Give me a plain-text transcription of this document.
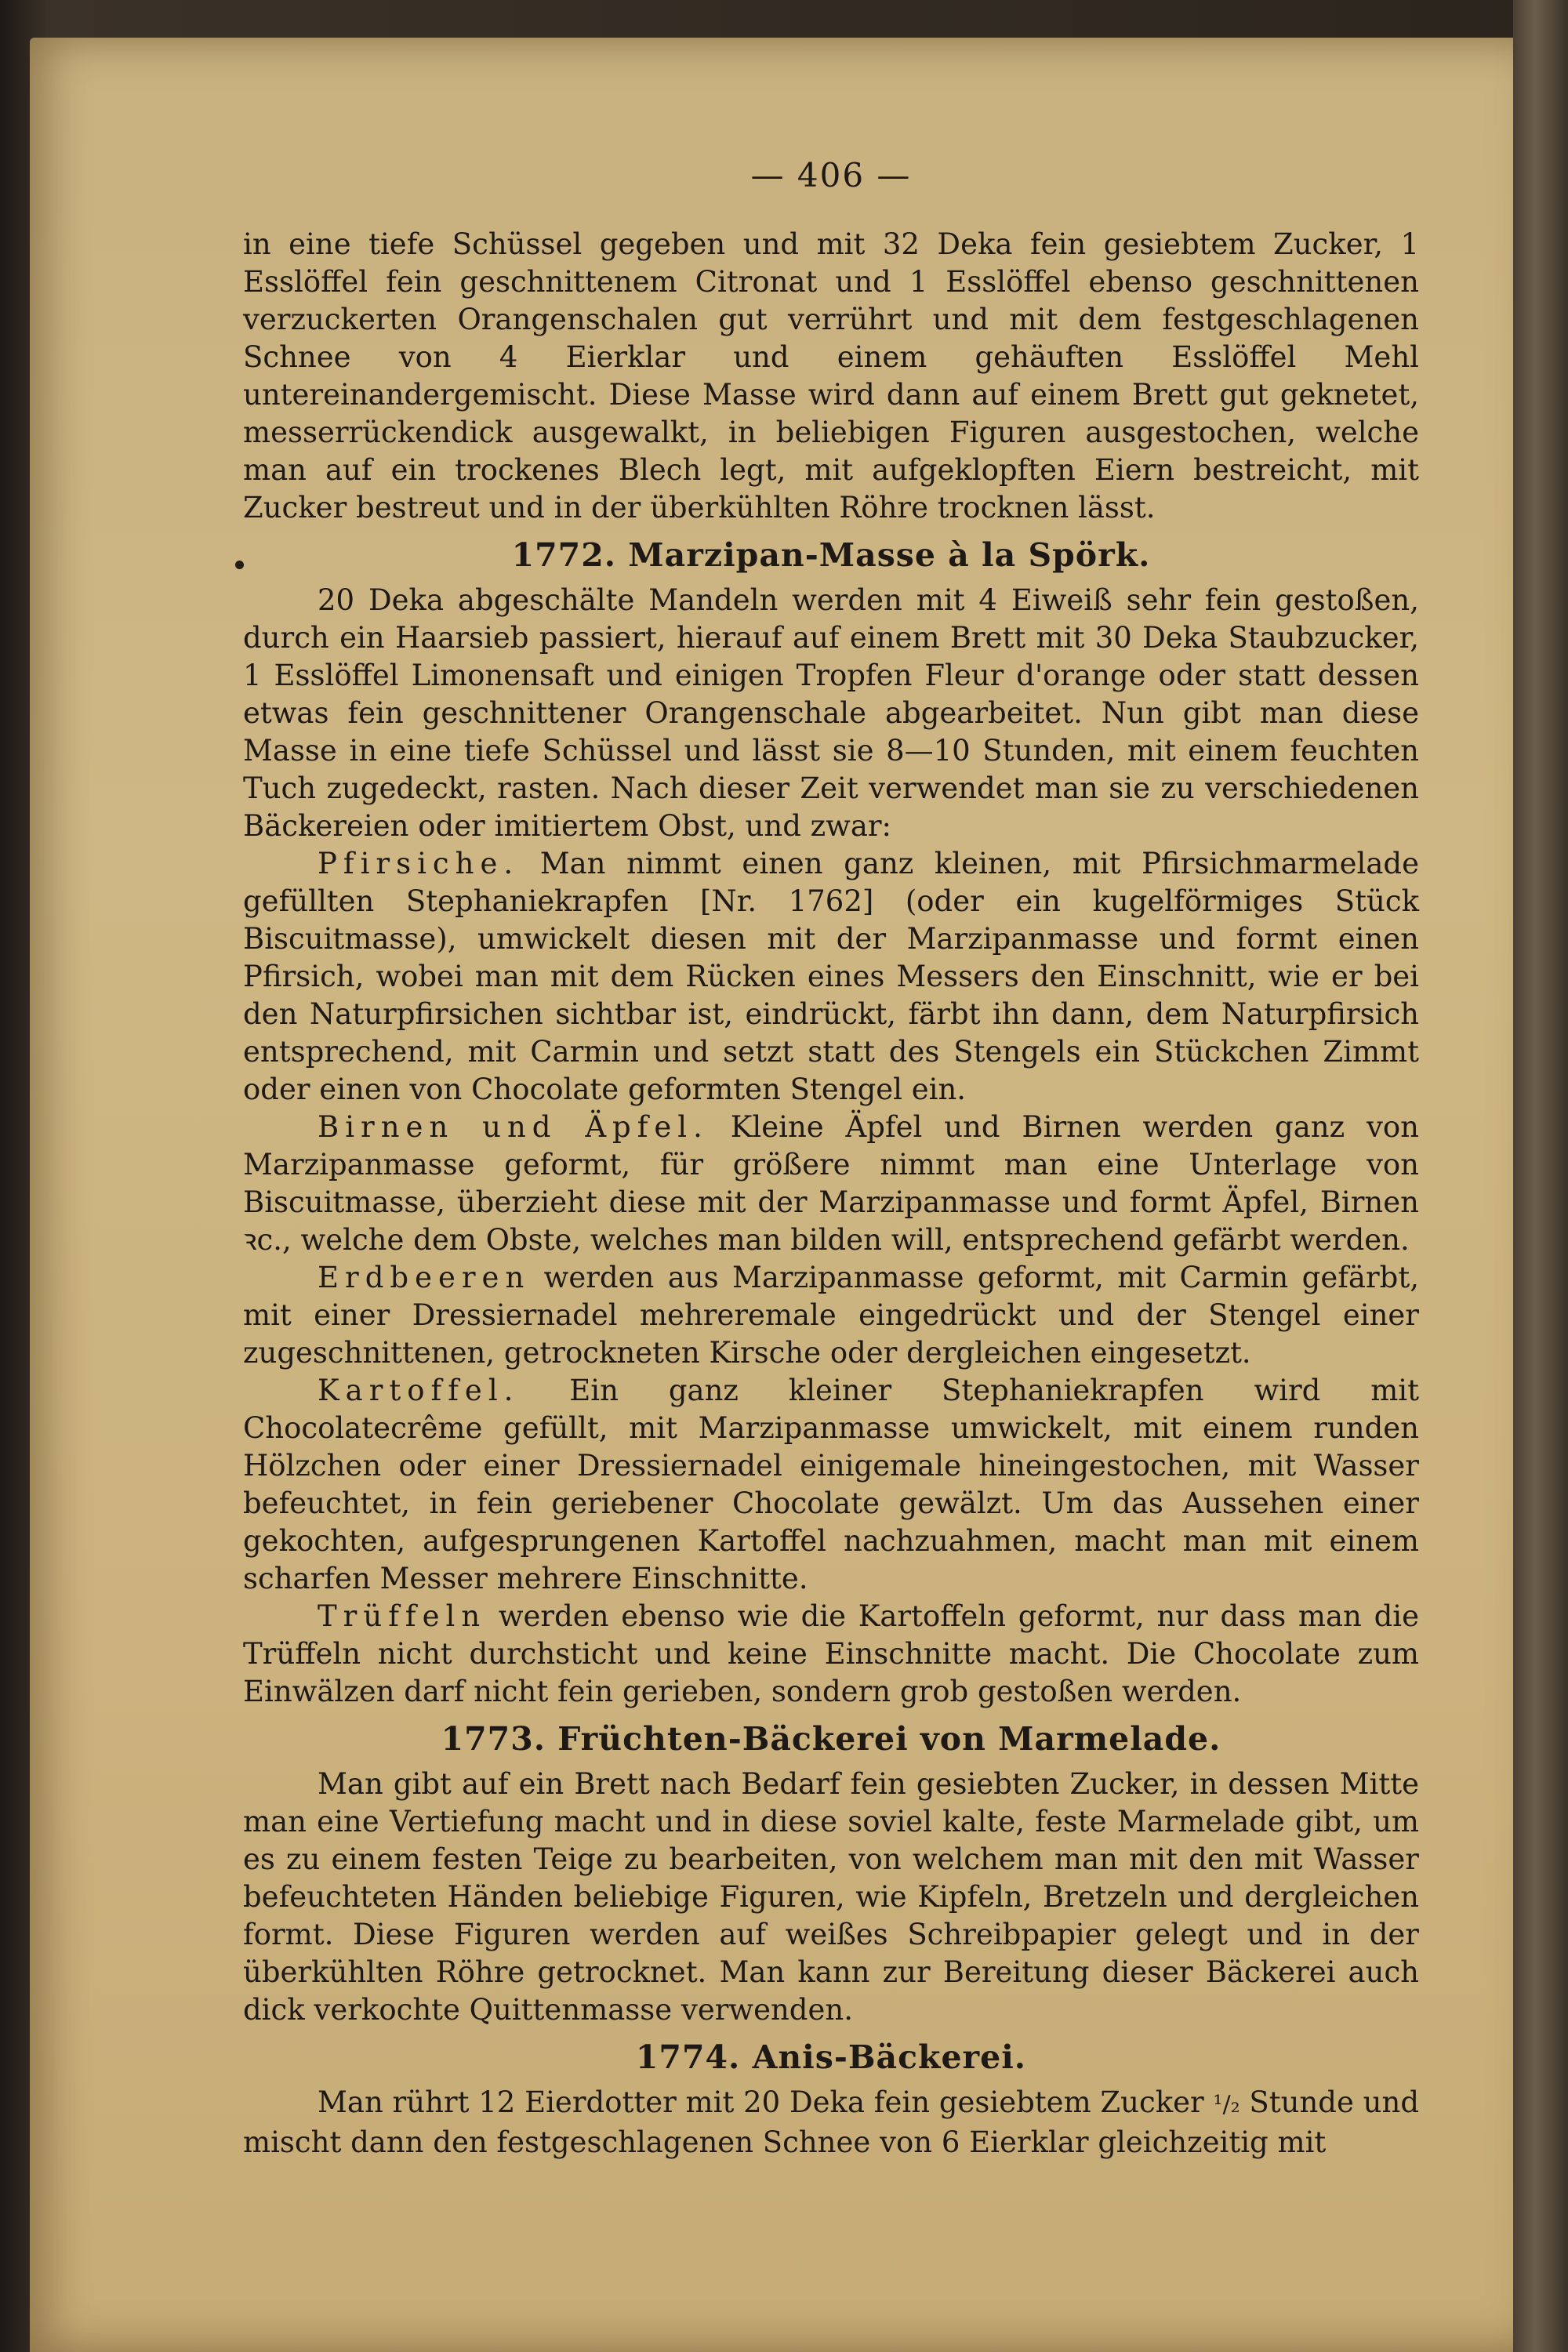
— 406 —

in eine tiefe Schüssel gegeben und mit 32 Deka fein gesiebtem Zucker, 1 Esslöffel fein geschnittenem Citronat und 1 Esslöffel ebenso geschnittenen verzuckerten Orangenschalen gut verrührt und mit dem festgeschlagenen Schnee von 4 Eierklar und einem gehäuften Esslöffel Mehl untereinandergemischt. Diese Masse wird dann auf einem Brett gut geknetet, messerrückendick ausgewalkt, in beliebigen Figuren ausgestochen, welche man auf ein trockenes Blech legt, mit aufgeklopften Eiern bestreicht, mit Zucker bestreut und in der überkühlten Röhre trocknen lässt.

1772. Marzipan-Masse à la Spörk.

20 Deka abgeschälte Mandeln werden mit 4 Eiweiß sehr fein gestoßen, durch ein Haarsieb passiert, hierauf auf einem Brett mit 30 Deka Staubzucker, 1 Esslöffel Limonensaft und einigen Tropfen Fleur d'orange oder statt dessen etwas fein geschnittener Orangenschale abgearbeitet. Nun gibt man diese Masse in eine tiefe Schüssel und lässt sie 8—10 Stunden, mit einem feuchten Tuch zugedeckt, rasten. Nach dieser Zeit verwendet man sie zu verschiedenen Bäckereien oder imitiertem Obst, und zwar:

Pfirsiche. Man nimmt einen ganz kleinen, mit Pfirsichmarmelade gefüllten Stephaniekrapfen [Nr. 1762] (oder ein kugelförmiges Stück Biscuitmasse), umwickelt diesen mit der Marzipanmasse und formt einen Pfirsich, wobei man mit dem Rücken eines Messers den Einschnitt, wie er bei den Naturpfirsichen sichtbar ist, eindrückt, färbt ihn dann, dem Naturpfirsich entsprechend, mit Carmin und setzt statt des Stengels ein Stückchen Zimmt oder einen von Chocolate geformten Stengel ein.

Birnen und Äpfel. Kleine Äpfel und Birnen werden ganz von Marzipanmasse geformt, für größere nimmt man eine Unterlage von Biscuitmasse, überzieht diese mit der Marzipanmasse und formt Äpfel, Birnen ꝛc., welche dem Obste, welches man bilden will, entsprechend gefärbt werden.

Erdbeeren werden aus Marzipanmasse geformt, mit Carmin gefärbt, mit einer Dressiernadel mehreremale eingedrückt und der Stengel einer zugeschnittenen, getrockneten Kirsche oder dergleichen eingesetzt.

Kartoffel. Ein ganz kleiner Stephaniekrapfen wird mit Chocolatecrême gefüllt, mit Marzipanmasse umwickelt, mit einem runden Hölzchen oder einer Dressiernadel einigemale hineingestochen, mit Wasser befeuchtet, in fein geriebener Chocolate gewälzt. Um das Aussehen einer gekochten, aufgesprungenen Kartoffel nachzuahmen, macht man mit einem scharfen Messer mehrere Einschnitte.

Trüffeln werden ebenso wie die Kartoffeln geformt, nur dass man die Trüffeln nicht durchsticht und keine Einschnitte macht. Die Chocolate zum Einwälzen darf nicht fein gerieben, sondern grob gestoßen werden.

1773. Früchten-Bäckerei von Marmelade.

Man gibt auf ein Brett nach Bedarf fein gesiebten Zucker, in dessen Mitte man eine Vertiefung macht und in diese soviel kalte, feste Marmelade gibt, um es zu einem festen Teige zu bearbeiten, von welchem man mit den mit Wasser befeuchteten Händen beliebige Figuren, wie Kipfeln, Bretzeln und dergleichen formt. Diese Figuren werden auf weißes Schreibpapier gelegt und in der überkühlten Röhre getrocknet. Man kann zur Bereitung dieser Bäckerei auch dick verkochte Quittenmasse verwenden.

1774. Anis-Bäckerei.

Man rührt 12 Eierdotter mit 20 Deka fein gesiebtem Zucker ¹/₂ Stunde und mischt dann den festgeschlagenen Schnee von 6 Eierklar gleichzeitig mit
